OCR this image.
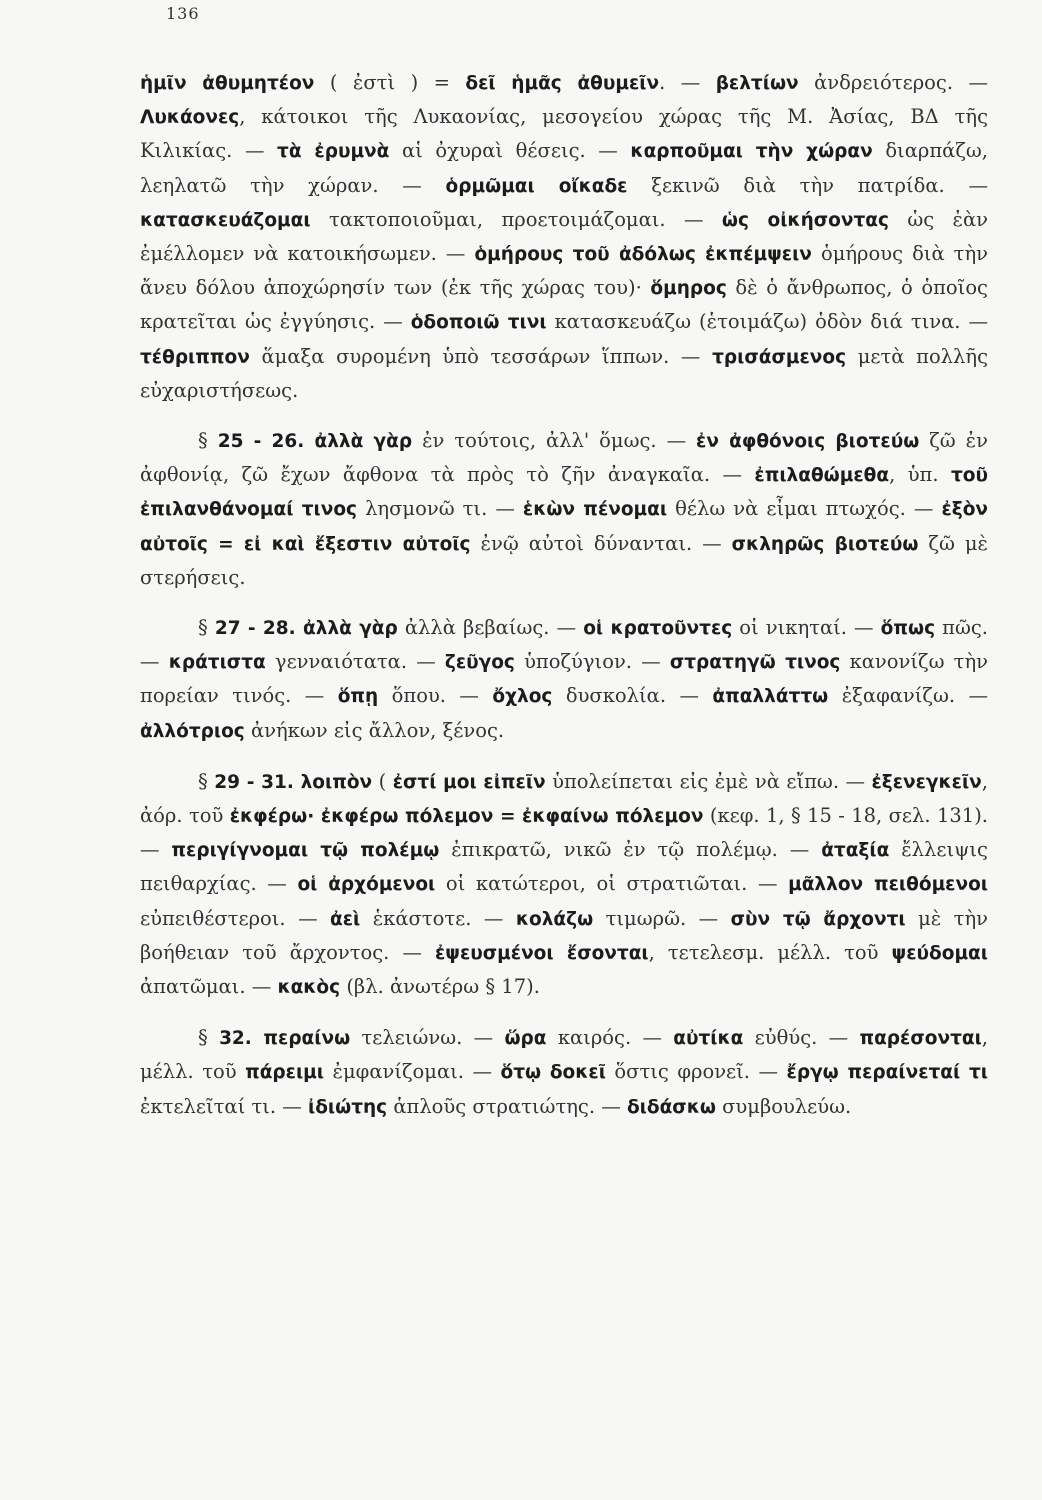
136

ἡμῖν ἀθυμητέον ( ἐστὶ ) = δεῖ ἡμᾶς ἀθυμεῖν. — βελτίων ἀνδρειότερος. — Λυκάονες, κάτοικοι τῆς Λυκαονίας, μεσογείου χώρας τῆς Μ. Ἀσίας, ΒΔ τῆς Κιλικίας. — τὰ ἐρυμνὰ αἱ ὀχυραὶ θέσεις. — καρποῦμαι τὴν χώραν διαρπάζω, λεηλατῶ τὴν χώραν. — ὁρμῶμαι οἴκαδε ξεκινῶ διὰ τὴν πατρίδα. — κατασκευάζομαι τακτοποιοῦμαι, προετοιμάζομαι. — ὡς οἰκήσοντας ὡς ἐὰν ἐμέλλομεν νὰ κατοικήσωμεν. — ὁμήρους τοῦ ἀδόλως ἐκπέμψειν ὁμήρους διὰ τὴν ἄνευ δόλου ἀποχώρησίν των (ἐκ τῆς χώρας του)· ὅμηρος δὲ ὁ ἄνθρωπος, ὁ ὁποῖος κρατεῖται ὡς ἐγγύησις. — ὁδοποιῶ τινι κατασκευάζω (ἑτοιμάζω) ὁδὸν διά τινα. — τέθριππον ἅμαξα συρομένη ὑπὸ τεσσάρων ἵππων. — τρισάσμενος μετὰ πολλῆς εὐχαριστήσεως.

§ 25 - 26. ἀλλὰ γὰρ ἐν τούτοις, ἀλλ' ὅμως. — ἐν ἀφθόνοις βιοτεύω ζῶ ἐν ἀφθονίᾳ, ζῶ ἔχων ἄφθονα τὰ πρὸς τὸ ζῆν ἀναγκαῖα. — ἐπιλαθώμεθα, ὑπ. τοῦ ἐπιλανθάνομαί τινος λησμονῶ τι. — ἑκὼν πένομαι θέλω νὰ εἶμαι πτωχός. — ἐξὸν αὐτοῖς = εἰ καὶ ἔξεστιν αὐτοῖς ἐνῷ αὐτοὶ δύνανται. — σκληρῶς βιοτεύω ζῶ μὲ στερήσεις.

§ 27 - 28. ἀλλὰ γὰρ ἀλλὰ βεβαίως. — οἱ κρατοῦντες οἱ νικηταί. — ὅπως πῶς. — κράτιστα γενναιότατα. — ζεῦγος ὑποζύγιον. — στρατηγῶ τινος κανονίζω τὴν πορείαν τινός. — ὅπῃ ὅπου. — ὄχλος δυσκολία. — ἀπαλλάττω ἐξαφανίζω. — ἀλλότριος ἀνήκων εἰς ἄλλον, ξένος.

§ 29 - 31. λοιπὸν ( ἐστί μοι εἰπεῖν ὑπολείπεται εἰς ἐμὲ νὰ εἴπω. — ἐξενεγκεῖν, ἀόρ. τοῦ ἐκφέρω· ἐκφέρω πόλεμον = ἐκφαίνω πόλεμον (κεφ. 1, § 15 - 18, σελ. 131). — περιγίγνομαι τῷ πολέμῳ ἐπικρατῶ, νικῶ ἐν τῷ πολέμῳ. — ἀταξία ἔλλειψις πειθαρχίας. — οἱ ἀρχόμενοι οἱ κατώτεροι, οἱ στρατιῶται. — μᾶλλον πειθόμενοι εὐπειθέστεροι. — ἀεὶ ἑκάστοτε. — κολάζω τιμωρῶ. — σὺν τῷ ἄρχοντι μὲ τὴν βοήθειαν τοῦ ἄρχοντος. — ἐψευσμένοι ἔσονται, τετελεσμ. μέλλ. τοῦ ψεύδομαι ἀπατῶμαι. — κακὸς (βλ. ἀνωτέρω § 17).

§ 32. περαίνω τελειώνω. — ὥρα καιρός. — αὐτίκα εὐθύς. — παρέσονται, μέλλ. τοῦ πάρειμι ἐμφανίζομαι. — ὅτῳ δοκεῖ ὅστις φρονεῖ. — ἔργῳ περαίνεταί τι ἐκτελεῖταί τι. — ἰδιώτης ἁπλοῦς στρατιώτης. — διδάσκω συμβουλεύω.
